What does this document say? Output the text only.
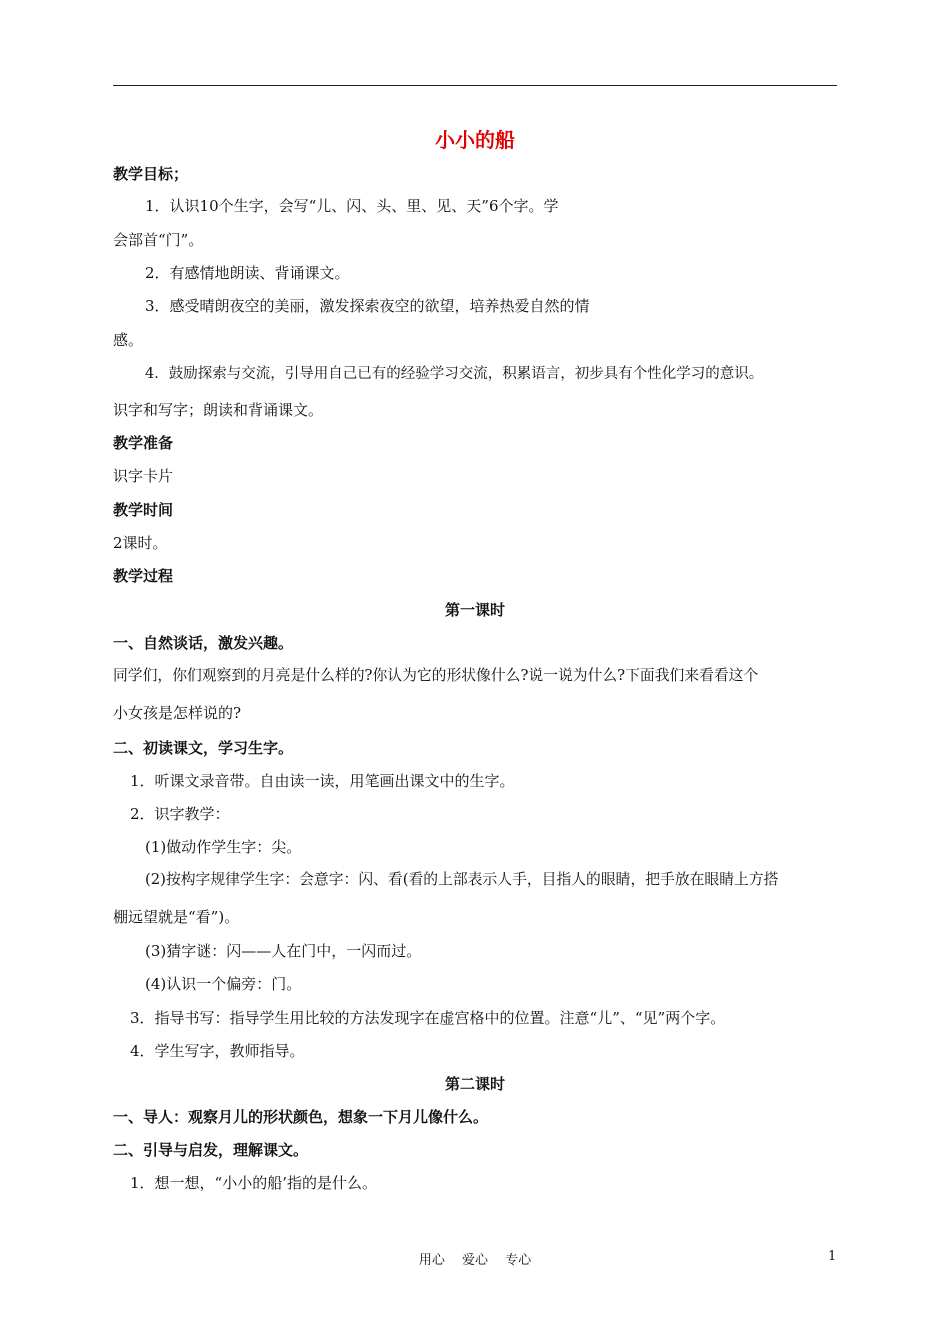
小小的船
教学目标；
1．认识10个生字，会写“儿、闪、头、里、见、天”6个字。学
会部首“门”。
2．有感情地朗读、背诵课文。
3．感受晴朗夜空的美丽，激发探索夜空的欲望，培养热爱自然的情
感。
4．鼓励探索与交流，引导用自己已有的经验学习交流，积累语言，初步具有个性化学习的意识。
识字和写字；朗读和背诵课文。
教学准备
识字卡片
教学时间
2课时。
教学过程
第一课时
一、自然谈话，激发兴趣。
同学们，你们观察到的月亮是什么样的?你认为它的形状像什么?说一说为什么?下面我们来看看这个
小女孩是怎样说的?
二、初读课文，学习生字。
1．听课文录音带。自由读一读，用笔画出课文中的生字。
2．识字教学：
(1)做动作学生字：尖。
(2)按构字规律学生字：会意字：闪、看(看的上部表示人手，目指人的眼睛，把手放在眼睛上方搭
棚远望就是“看”)。
(3)猜字谜：闪——人在门中，一闪而过。
(4)认识一个偏旁：门。
3．指导书写：指导学生用比较的方法发现字在虚宫格中的位置。注意“儿”、“见”两个字。
4．学生写字，教师指导。
第二课时
一、导人：观察月儿的形状颜色，想象一下月儿像什么。
二、引导与启发，理解课文。
1．想一想，“小小的船’指的是什么。
用心　 爱心　 专心	1
